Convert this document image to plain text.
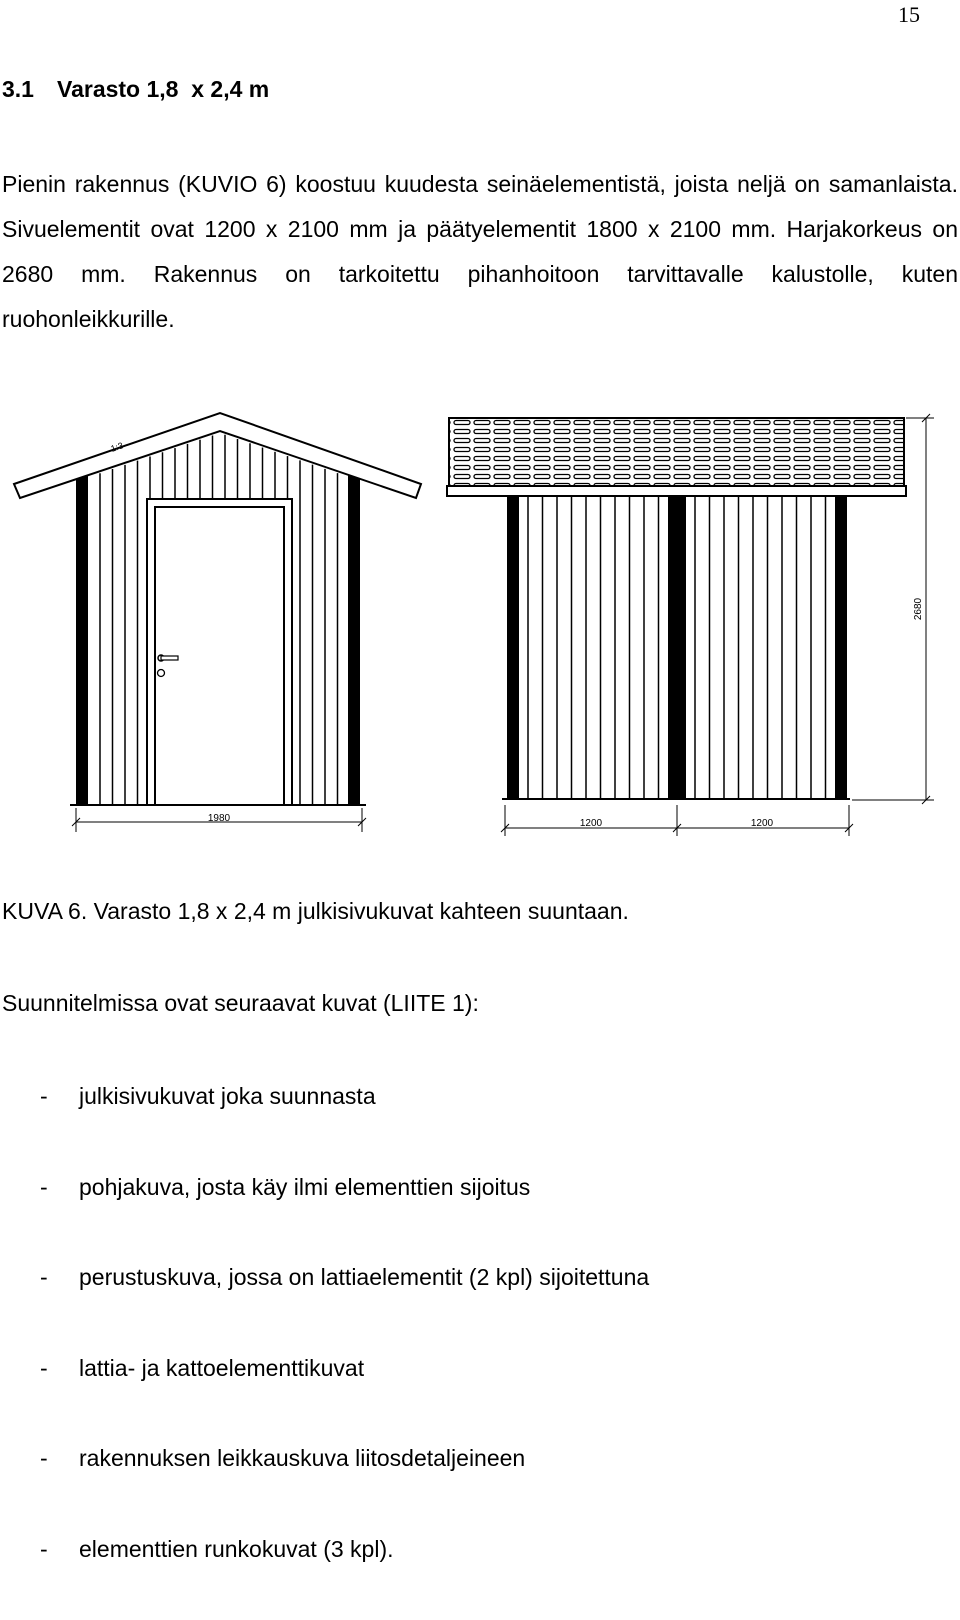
15
3.1 Varasto 1,8  x 2,4 m
Pienin rakennus (KUVIO 6) koostuu kuudesta seinäelementistä, joista neljä on samanlaista. Sivuelementit ovat 1200 x 2100 mm ja päätyelementit 1800 x 2100 mm. Harjakorkeus on 2680 mm. Rakennus on tarkoitettu pihanhoitoon tarvittavalle kalustolle, kuten ruohonleikkurille.
1:3
1980	1200	1200
2680
KUVA 6. Varasto 1,8 x 2,4 m julkisivukuvat kahteen suuntaan.
Suunnitelmissa ovat seuraavat kuvat (LIITE 1):
- julkisivukuvat joka suunnasta
- pohjakuva, josta käy ilmi elementtien sijoitus
- perustuskuva, jossa on lattiaelementit (2 kpl) sijoitettuna
- lattia- ja kattoelementtikuvat
- rakennuksen leikkauskuva liitosdetaljeineen
- elementtien runkokuvat (3 kpl).
